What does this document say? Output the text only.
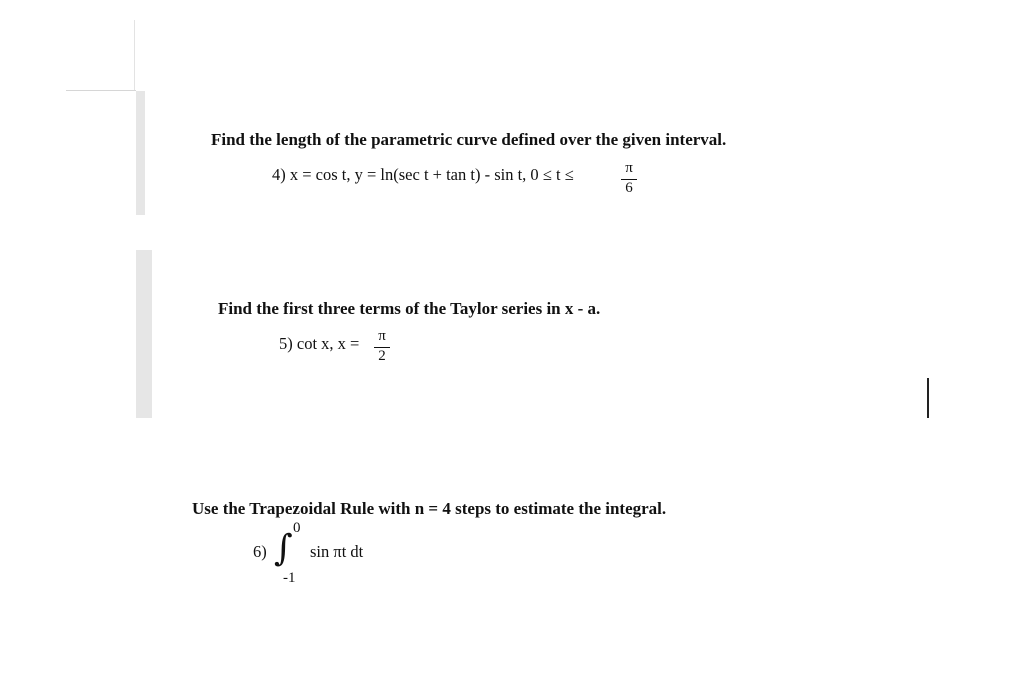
Find the length of the parametric curve defined over the given interval.
4) x = cos t, y = ln(sec t + tan t) - sin t, 0 ≤ t ≤	π
6
Find the first three terms of the Taylor series in x - a.
5) cot x, x = π
2
Use the Trapezoidal Rule with n = 4 steps to estimate the integral.
6) ∫ 0
-1
sin πt dt
